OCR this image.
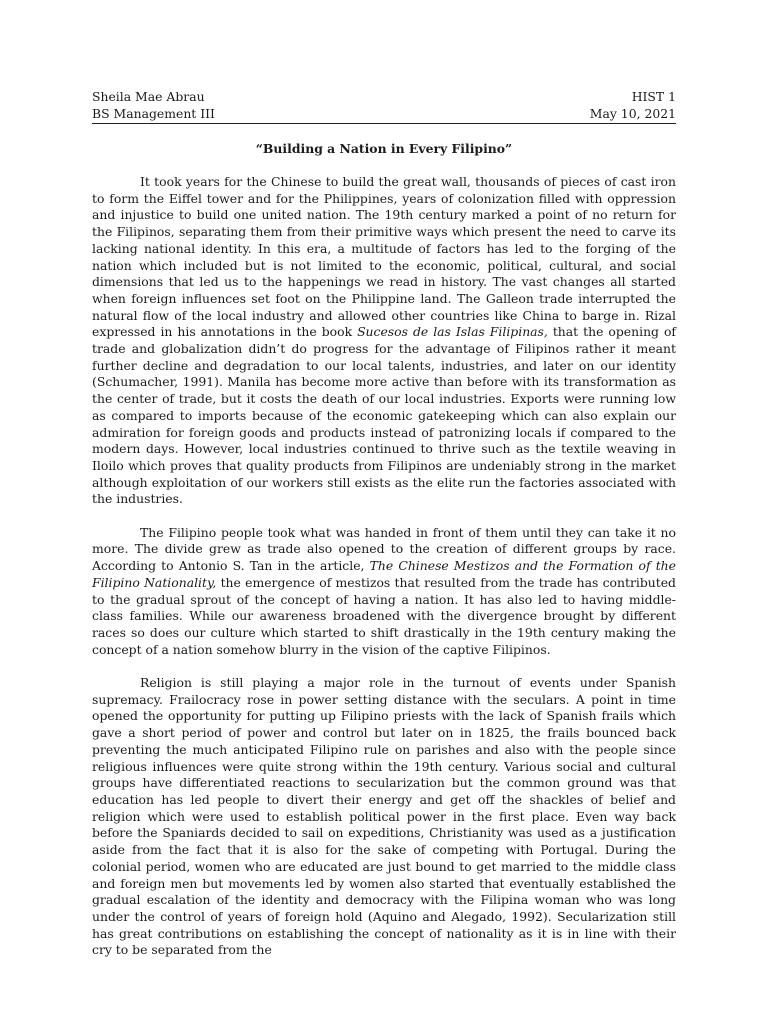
Sheila Mae Abrau	HIST 1
BS Management III	May 10, 2021
“Building a Nation in Every Filipino”

It took years for the Chinese to build the great wall, thousands of pieces of cast iron to form the Eiffel tower and for the Philippines, years of colonization filled with oppression and injustice to build one united nation. The 19th century marked a point of no return for the Filipinos, separating them from their primitive ways which present the need to carve its lacking national identity. In this era, a multitude of factors has led to the forging of the nation which included but is not limited to the economic, political, cultural, and social dimensions that led us to the happenings we read in history. The vast changes all started when foreign influences set foot on the Philippine land. The Galleon trade interrupted the natural flow of the local industry and allowed other countries like China to barge in. Rizal expressed in his annotations in the book Sucesos de las Islas Filipinas, that the opening of trade and globalization didn’t do progress for the advantage of Filipinos rather it meant further decline and degradation to our local talents, industries, and later on our identity (Schumacher, 1991). Manila has become more active than before with its transformation as the center of trade, but it costs the death of our local industries. Exports were running low as compared to imports because of the economic gatekeeping which can also explain our admiration for foreign goods and products instead of patronizing locals if compared to the modern days. However, local industries continued to thrive such as the textile weaving in Iloilo which proves that quality products from Filipinos are undeniably strong in the market although exploitation of our workers still exists as the elite run the factories associated with the industries.

The Filipino people took what was handed in front of them until they can take it no more. The divide grew as trade also opened to the creation of different groups by race. According to Antonio S. Tan in the article, The Chinese Mestizos and the Formation of the Filipino Nationality, the emergence of mestizos that resulted from the trade has contributed to the gradual sprout of the concept of having a nation. It has also led to having middle-class families. While our awareness broadened with the divergence brought by different races so does our culture which started to shift drastically in the 19th century making the concept of a nation somehow blurry in the vision of the captive Filipinos.

Religion is still playing a major role in the turnout of events under Spanish supremacy. Frailocracy rose in power setting distance with the seculars. A point in time opened the opportunity for putting up Filipino priests with the lack of Spanish frails which gave a short period of power and control but later on in 1825, the frails bounced back preventing the much anticipated Filipino rule on parishes and also with the people since religious influences were quite strong within the 19th century. Various social and cultural groups have differentiated reactions to secularization but the common ground was that education has led people to divert their energy and get off the shackles of belief and religion which were used to establish political power in the first place. Even way back before the Spaniards decided to sail on expeditions, Christianity was used as a justification aside from the fact that it is also for the sake of competing with Portugal. During the colonial period, women who are educated are just bound to get married to the middle class and foreign men but movements led by women also started that eventually established the gradual escalation of the identity and democracy with the Filipina woman who was long under the control of years of foreign hold (Aquino and Alegado, 1992). Secularization still has great contributions on establishing the concept of nationality as it is in line with their cry to be separated from the
